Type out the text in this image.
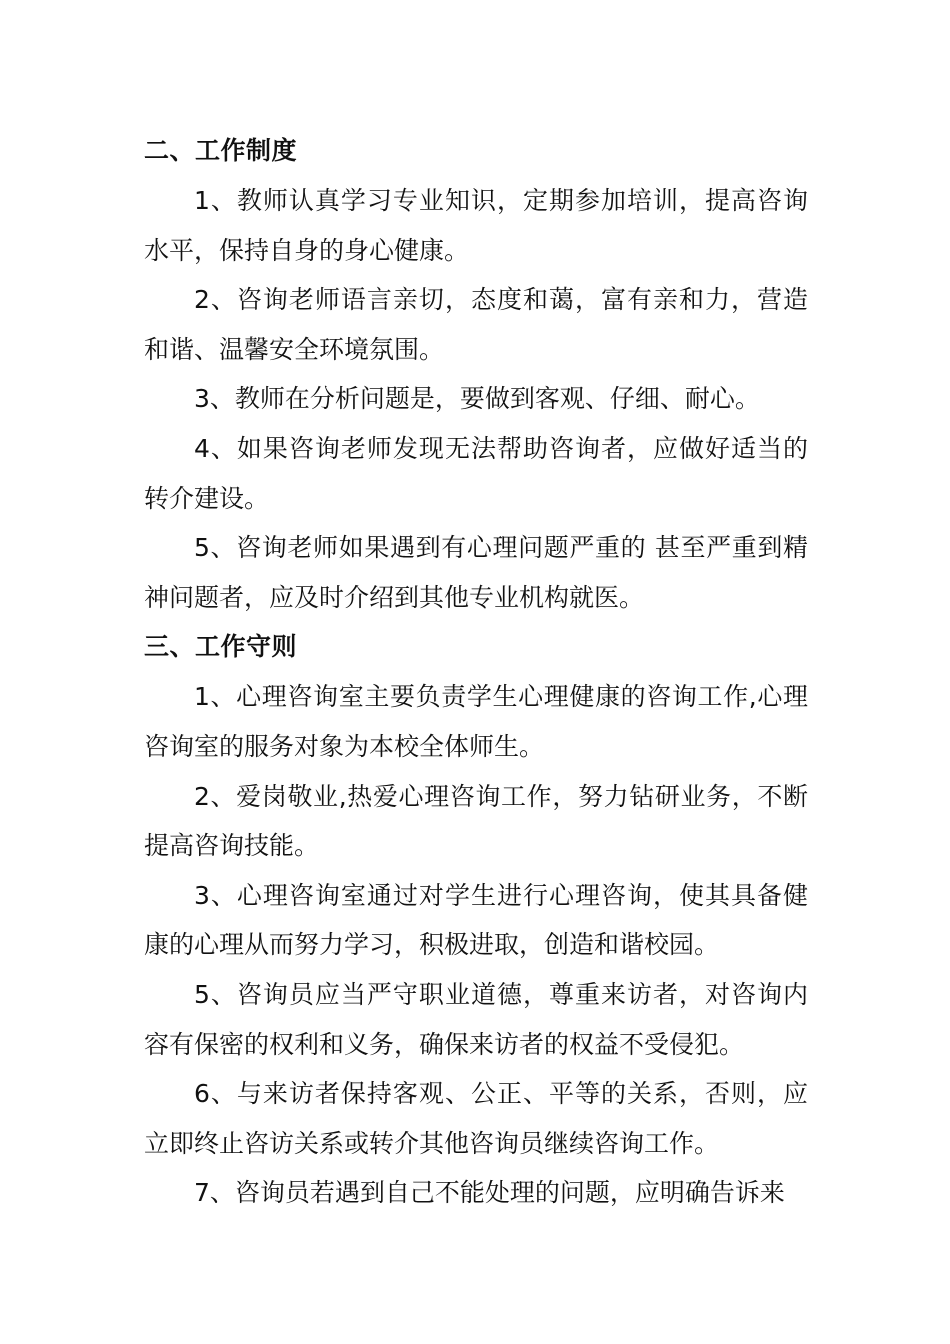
二、工作制度

1、教师认真学习专业知识，定期参加培训，提高咨询水平，保持自身的身心健康。

2、咨询老师语言亲切，态度和蔼，富有亲和力，营造和谐、温馨安全环境氛围。

3、教师在分析问题是，要做到客观、仔细、耐心。

4、如果咨询老师发现无法帮助咨询者，应做好适当的转介建设。

5、咨询老师如果遇到有心理问题严重的 甚至严重到精神问题者，应及时介绍到其他专业机构就医。

三、工作守则

1、心理咨询室主要负责学生心理健康的咨询工作,心理咨询室的服务对象为本校全体师生。

2、爱岗敬业,热爱心理咨询工作，努力钻研业务，不断提高咨询技能。

3、心理咨询室通过对学生进行心理咨询，使其具备健康的心理从而努力学习，积极进取，创造和谐校园。

5、咨询员应当严守职业道德，尊重来访者，对咨询内容有保密的权利和义务，确保来访者的权益不受侵犯。

6、与来访者保持客观、公正、平等的关系，否则，应立即终止咨访关系或转介其他咨询员继续咨询工作。

7、咨询员若遇到自己不能处理的问题，应明确告诉来
